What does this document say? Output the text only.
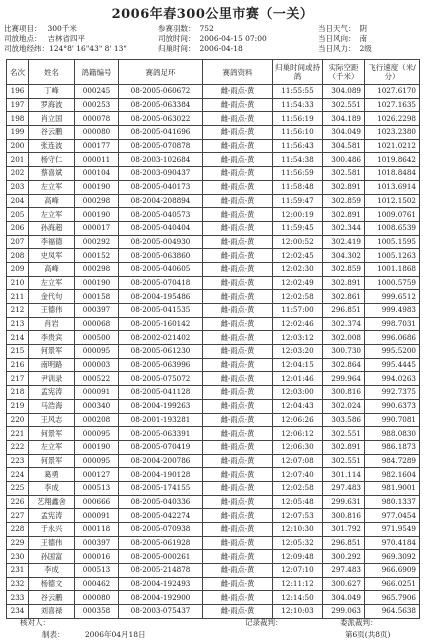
2006年春300公里市赛（一关）
比赛项目： 300千米
司放地点： 吉林省四平
司放地经纬：124°8' 16"43" 8' 13"
参赛羽数： 752
司放时间： 2006-04-15 07:00
归巢时间： 2006-04-18
当日天气： 阴
当日风向： 南
当日风力： 2级
名次	姓名	鸽籍编号	赛鸽足环	赛鸽资料	归巢时间或持鸽	实际空距（千米）	飞行速度（米/分）
196	丁峰	000245	08-2005-060672	雌-雨点-黄	11:55:55	304.089	1027.6170
197	罗海波	000253	08-2005-063384	雌-雨点-黄	11:54:33	302.551	1027.1635
198	肖立国	000078	08-2005-063022	雌-雨点-黄	11:56:19	304.189	1026.2298
199	谷云鹏	000080	08-2005-041696	雌-雨点-黄	11:56:10	304.049	1023.2380
200	张连波	000177	08-2005-070878	雌-雨点-黄	11:56:43	304.581	1021.0212
201	杨守仁	000011	08-2003-102684	雌-雨点-黄	11:54:38	300.486	1019.8642
202	蔡喜斌	000104	08-2003-090437	雌-雨点-黄	11:56:59	302.581	1018.8484
203	左立军	000190	08-2005-040173	雌-雨点-黄	11:58:48	302.891	1013.6914
204	高峰	000298	08-2004-208894	雌-雨点-黄	11:59:47	302.859	1012.1502
205	左立军	000190	08-2005-040573	雌-雨点-黄	12:00:19	302.891	1009.0761
206	孙海超	000017	08-2005-040404	雌-雨点-黄	11:59:45	302.344	1008.6539
207	李福德	000292	08-2005-004930	雌-雨点-黄	12:00:52	302.419	1005.1595
208	史凤军	000152	08-2005-063860	雌-雨点-黄	12:02:45	304.302	1005.1263
209	高峰	000298	08-2005-040605	雌-雨点-黄	12:02:30	302.859	1001.1868
210	左立军	000190	08-2005-070418	雌-雨点-黄	12:02:49	302.891	1000.5759
211	金代句	000158	08-2004-195486	雌-雨点-黄	12:02:58	302.861	999.6512
212	王德伟	000397	08-2005-041535	雌-雨点-黄	11:57:00	296.851	999.4983
213	肖岩	000068	08-2005-160142	雌-雨点-黄	12:02:46	302.374	998.7031
214	李贵宾	000500	08-2002-021402	雌-雨点-黄	12:03:12	302.008	996.0686
215	何景军	000095	08-2005-061230	雌-雨点-黄	12:03:20	300.730	995.5200
216	南明路	000003	08-2005-063996	雌-雨点-黄	12:04:15	302.864	995.4445
217	尹训录	000522	08-2005-075072	雌-雨点-黄	12:01:46	299.964	994.0263
218	孟宪涛	000091	08-2005-041128	雌-雨点-黄	12:03:00	300.816	992.7375
219	马浩海	000340	08-2004-199263	雌-雨点-黄	12:04:43	302.024	990.6373
220	王风志	000208	08-2001-193281	雌-雨点-黄	12:06:26	303.586	990.7081
221	何景军	000095	08-2005-063391	雌-雨点-黄	12:06:12	302.551	988.0830
222	左立军	000190	08-2005-070419	雌-雨点-黄	12:06:30	302.891	986.1873
223	何景军	000095	08-2004-200786	雌-雨点-黄	12:07:08	302.551	984.7289
224	葛勇	000127	08-2004-190128	雌-雨点-黄	12:07:40	301.114	982.1604
225	李成	000513	08-2005-174155	雌-雨点-黄	12:02:58	297.483	981.9001
226	艺翔鑫舍	000666	08-2005-040336	雌-雨点-黄	12:05:48	299.631	980.1337
227	孟宪涛	000091	08-2005-042274	雌-雨点-黄	12:07:53	300.816	977.0454
228	于永兴	000118	08-2005-070938	雌-雨点-黄	12:10:30	301.792	971.9549
229	王德伟	000397	08-2005-061928	雌-雨点-黄	12:05:32	296.851	970.4184
230	孙国富	000016	08-2005-000261	雌-雨点-黄	12:09:48	300.292	969.3092
231	李成	000513	08-2005-214878	雌-雨点-黄	12:07:10	297.483	966.6909
232	杨德文	000462	08-2004-192493	雌-雨点-黄	12:11:12	300.627	966.0251
233	谷云鹏	000080	08-2004-192900	雌-雨点-黄	12:14:50	304.049	965.7906
234	刘喜禄	000358	08-2003-075437	雌-雨点-黄	12:10:03	299.063	964.5638
核对人：	记录裁判：	委派裁判：
制表：	2006年04月18日	第6页(共8页)
